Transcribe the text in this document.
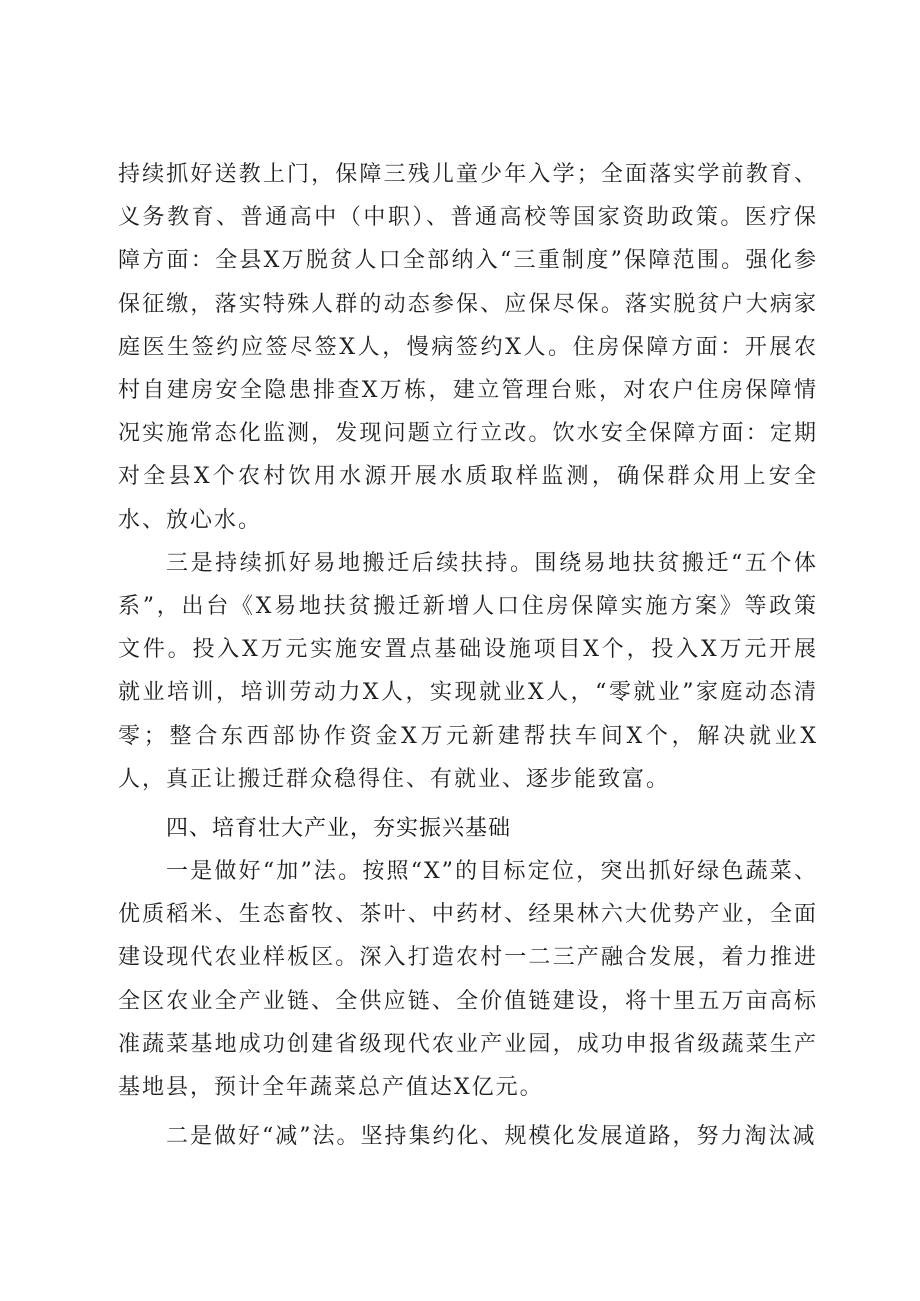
持续抓好送教上门，保障三残儿童少年入学；全面落实学前教育、义务教育、普通高中（中职）、普通高校等国家资助政策。医疗保障方面：全县X万脱贫人口全部纳入“三重制度”保障范围。强化参保征缴，落实特殊人群的动态参保、应保尽保。落实脱贫户大病家庭医生签约应签尽签X人，慢病签约X人。住房保障方面：开展农村自建房安全隐患排查X万栋，建立管理台账，对农户住房保障情况实施常态化监测，发现问题立行立改。饮水安全保障方面：定期对全县X个农村饮用水源开展水质取样监测，确保群众用上安全水、放心水。

三是持续抓好易地搬迁后续扶持。围绕易地扶贫搬迁“五个体系”，出台《X易地扶贫搬迁新增人口住房保障实施方案》等政策文件。投入X万元实施安置点基础设施项目X个，投入X万元开展就业培训，培训劳动力X人，实现就业X人，“零就业”家庭动态清零；整合东西部协作资金X万元新建帮扶车间X个，解决就业X人，真正让搬迁群众稳得住、有就业、逐步能致富。

四、培育壮大产业，夯实振兴基础

一是做好“加”法。按照“X”的目标定位，突出抓好绿色蔬菜、优质稻米、生态畜牧、茶叶、中药材、经果林六大优势产业，全面建设现代农业样板区。深入打造农村一二三产融合发展，着力推进全区农业全产业链、全供应链、全价值链建设，将十里五万亩高标准蔬菜基地成功创建省级现代农业产业园，成功申报省级蔬菜生产基地县，预计全年蔬菜总产值达X亿元。

二是做好“减”法。坚持集约化、规模化发展道路，努力淘汰减
